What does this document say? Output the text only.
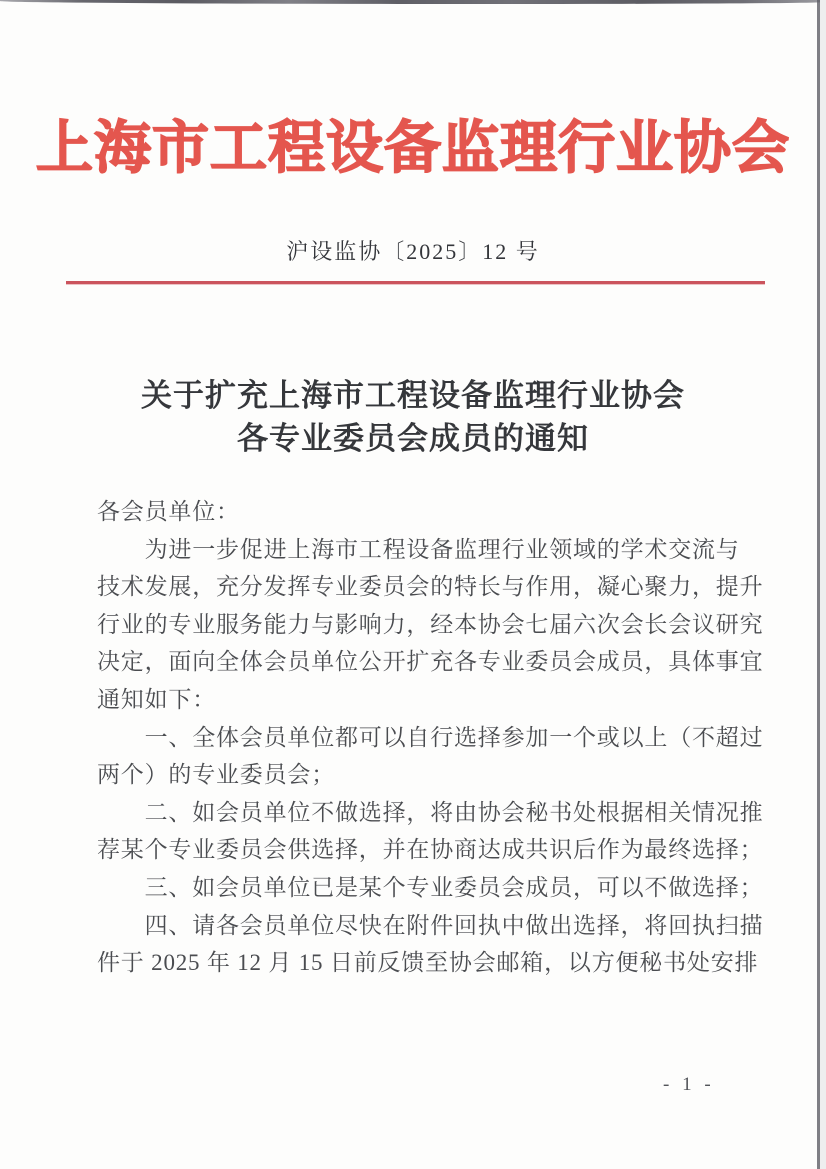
上海市工程设备监理行业协会
沪设监协〔2025〕12 号
关于扩充上海市工程设备监理行业协会
各专业委员会成员的通知
各会员单位：
　　为进一步促进上海市工程设备监理行业领域的学术交流与
技术发展，充分发挥专业委员会的特长与作用，凝心聚力，提升
行业的专业服务能力与影响力，经本协会七届六次会长会议研究
决定，面向全体会员单位公开扩充各专业委员会成员，具体事宜
通知如下：
　　一、全体会员单位都可以自行选择参加一个或以上（不超过
两个）的专业委员会；
　　二、如会员单位不做选择，将由协会秘书处根据相关情况推
荐某个专业委员会供选择，并在协商达成共识后作为最终选择；
　　三、如会员单位已是某个专业委员会成员，可以不做选择；
　　四、请各会员单位尽快在附件回执中做出选择，将回执扫描
件于 2025 年 12 月 15 日前反馈至协会邮箱，以方便秘书处安排
- 1 -
